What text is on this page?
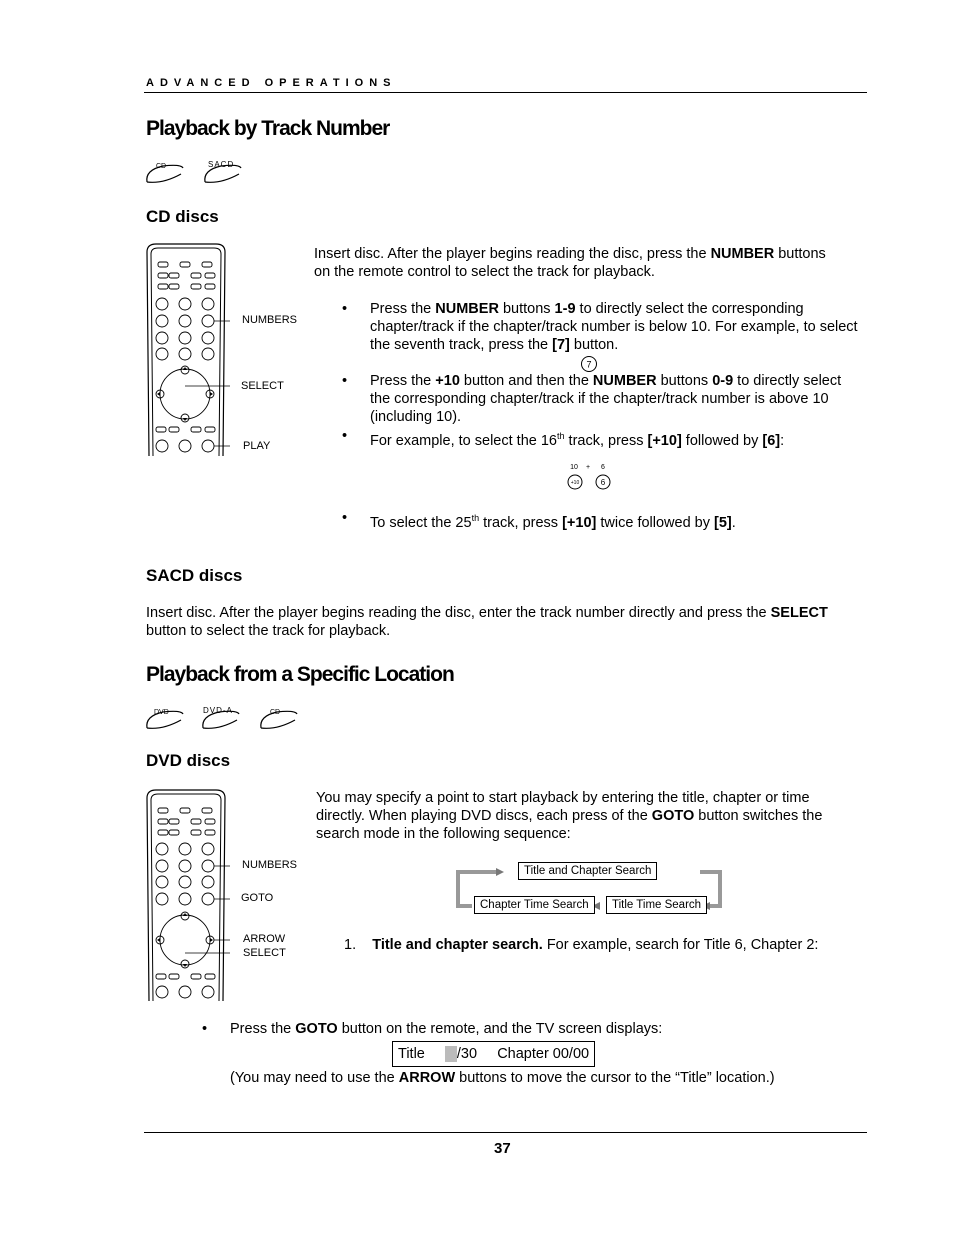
ADVANCED OPERATIONS
Playback by Track Number
CD	SACD
CD discs
NUMBERS
SELECT
PLAY
Insert disc. After the player begins reading the disc, press the NUMBER buttons on the remote control to select the track for playback.
• Press the NUMBER buttons 1-9 to directly select the corresponding chapter/track if the chapter/track number is below 10. For example, to select the seventh track, press the [7] button.
7
• Press the +10 button and then the NUMBER buttons 0-9 to directly select the corresponding chapter/track if the chapter/track number is above 10 (including 10).
• For example, to select the 16th track, press [+10] followed by [6]:
10 + 6
+10	6
• To select the 25th track, press [+10] twice followed by [5].
SACD discs
Insert disc. After the player begins reading the disc, enter the track number directly and press the SELECT button to select the track for playback.
Playback from a Specific Location
DVD	DVD-A	CD
DVD discs
NUMBERS
GOTO
ARROW
SELECT
You may specify a point to start playback by entering the title, chapter or time directly. When playing DVD discs, each press of the GOTO button switches the search mode in the following sequence:
Title and Chapter Search
Chapter Time Search	Title Time Search
1. Title and chapter search. For example, search for Title 6, Chapter 2:
• Press the GOTO button on the remote, and the TV screen displays:
Title /30 Chapter 00/00
(You may need to use the ARROW buttons to move the cursor to the “Title” location.)
37
